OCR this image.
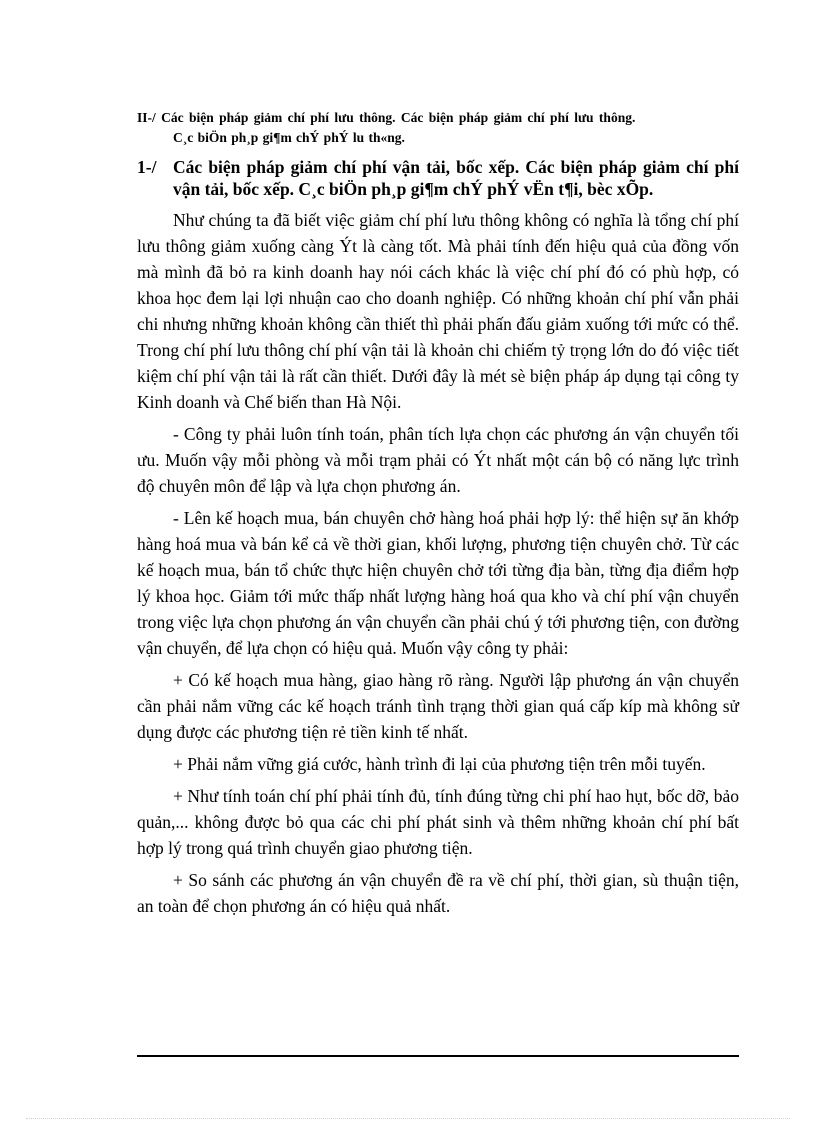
II-/ Các biện pháp giảm chí phí lưu thông. Các biện pháp giảm chí phí lưu thông.
C¸c biÖn ph¸p gi¶m chÝ phÝ lu th«ng.
1-/ Các biện pháp giảm chí phí vận tải, bốc xếp. Các biện pháp giảm chí phí vận tải, bốc xếp. C¸c biÖn ph¸p gi¶m chÝ phÝ vËn t¶i, bèc xÕp.

Như chúng ta đã biết việc giảm chí phí lưu thông không có nghĩa là tổng chí phí lưu thông giảm xuống càng Ýt là càng tốt. Mà phải tính đến hiệu quả của đồng vốn mà mình đã bỏ ra kinh doanh hay nói cách khác là việc chí phí đó có phù hợp, có khoa học đem lại lợi nhuận cao cho doanh nghiệp. Có những khoản chí phí vẫn phải chi nhưng những khoản không cần thiết thì phải phấn đấu giảm xuống tới mức có thể. Trong chí phí lưu thông chí phí vận tải là khoản chi chiếm tỷ trọng lớn do đó việc tiết kiệm chí phí vận tải là rất cần thiết. Dưới đây là mét sè biện pháp áp dụng tại công ty Kinh doanh và Chế biến than Hà Nội.

- Công ty phải luôn tính toán, phân tích lựa chọn các phương án vận chuyển tối ưu. Muốn vậy mỗi phòng và mỗi trạm phải có Ýt nhất một cán bộ có năng lực trình độ chuyên môn để lập và lựa chọn phương án.

- Lên kế hoạch mua, bán chuyên chở hàng hoá phải hợp lý: thể hiện sự ăn khớp hàng hoá mua và bán kể cả về thời gian, khối lượng, phương tiện chuyên chở. Từ các kế hoạch mua, bán tổ chức thực hiện chuyên chở tới từng địa bàn, từng địa điểm hợp lý khoa học. Giảm tới mức thấp nhất lượng hàng hoá qua kho và chí phí vận chuyển trong việc lựa chọn phương án vận chuyển cần phải chú ý tới phương tiện, con đường vận chuyển, để lựa chọn có hiệu quả. Muốn vậy công ty phải:

+ Có kế hoạch mua hàng, giao hàng rõ ràng. Người lập phương án vận chuyển cần phải nắm vững các kế hoạch tránh tình trạng thời gian quá cấp kíp mà không sử dụng được các phương tiện rẻ tiền kinh tế nhất.

+ Phải nắm vững giá cước, hành trình đi lại của phương tiện trên mỗi tuyến.

+ Như tính toán chí phí phải tính đủ, tính đúng từng chi phí hao hụt, bốc dỡ, bảo quản,... không được bỏ qua các chi phí phát sinh và thêm những khoản chí phí bất hợp lý trong quá trình chuyển giao phương tiện.

+ So sánh các phương án vận chuyển đề ra về chí phí, thời gian, sù thuận tiện, an toàn để chọn phương án có hiệu quả nhất.
